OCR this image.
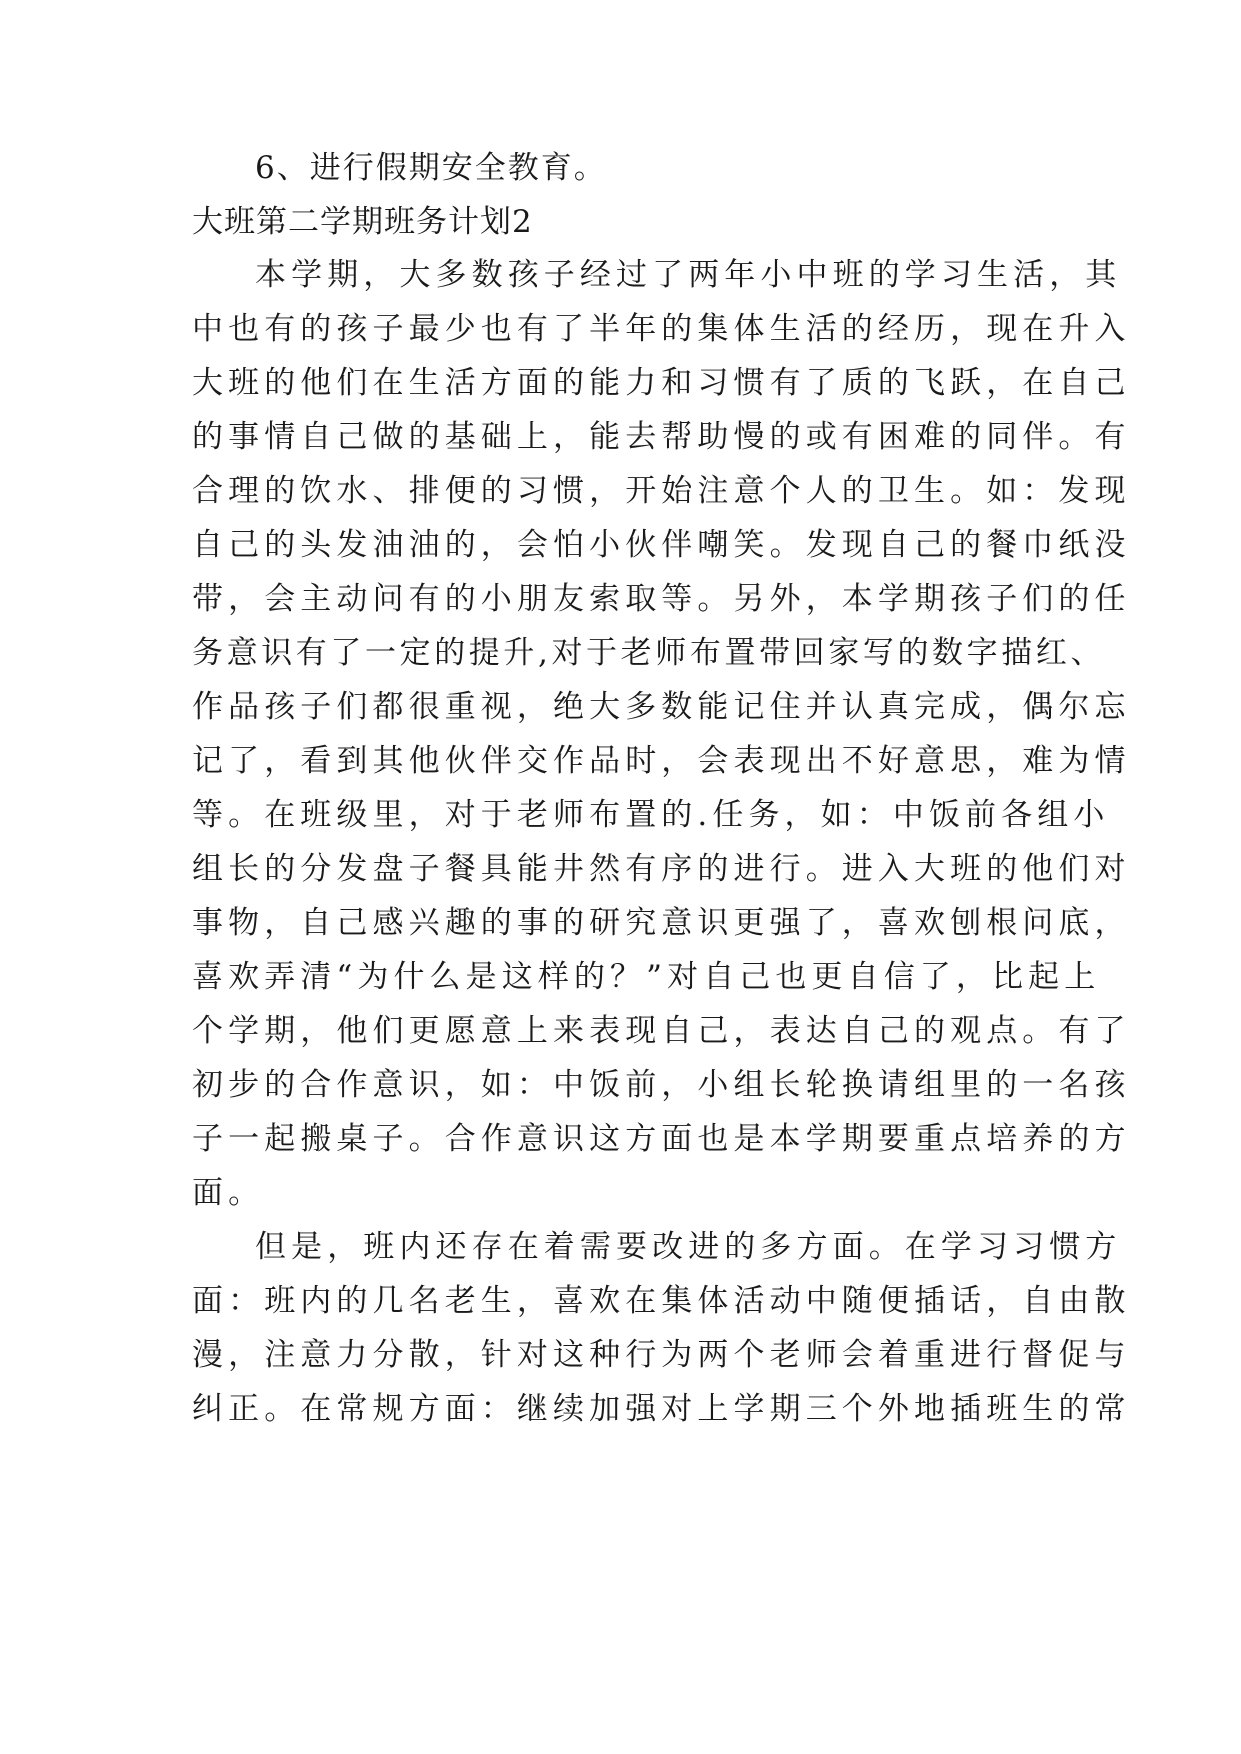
6、进行假期安全教育。

大班第二学期班务计划2

本学期，大多数孩子经过了两年小中班的学习生活，其

中也有的孩子最少也有了半年的集体生活的经历，现在升入

大班的他们在生活方面的能力和习惯有了质的飞跃，在自己

的事情自己做的基础上，能去帮助慢的或有困难的同伴。有

合理的饮水、排便的习惯，开始注意个人的卫生。如：发现

自己的头发油油的，会怕小伙伴嘲笑。发现自己的餐巾纸没

带，会主动问有的小朋友索取等。另外，本学期孩子们的任

务意识有了一定的提升,对于老师布置带回家写的数字描红、

作品孩子们都很重视，绝大多数能记住并认真完成，偶尔忘

记了，看到其他伙伴交作品时，会表现出不好意思，难为情

等。在班级里，对于老师布置的.任务，如：中饭前各组小

组长的分发盘子餐具能井然有序的进行。进入大班的他们对

事物，自己感兴趣的事的研究意识更强了，喜欢刨根问底，

喜欢弄清“为什么是这样的？”对自己也更自信了，比起上

个学期，他们更愿意上来表现自己，表达自己的观点。有了

初步的合作意识，如：中饭前，小组长轮换请组里的一名孩

子一起搬桌子。合作意识这方面也是本学期要重点培养的方

面。

但是，班内还存在着需要改进的多方面。在学习习惯方

面：班内的几名老生，喜欢在集体活动中随便插话，自由散

漫，注意力分散，针对这种行为两个老师会着重进行督促与

纠正。在常规方面：继续加强对上学期三个外地插班生的常
